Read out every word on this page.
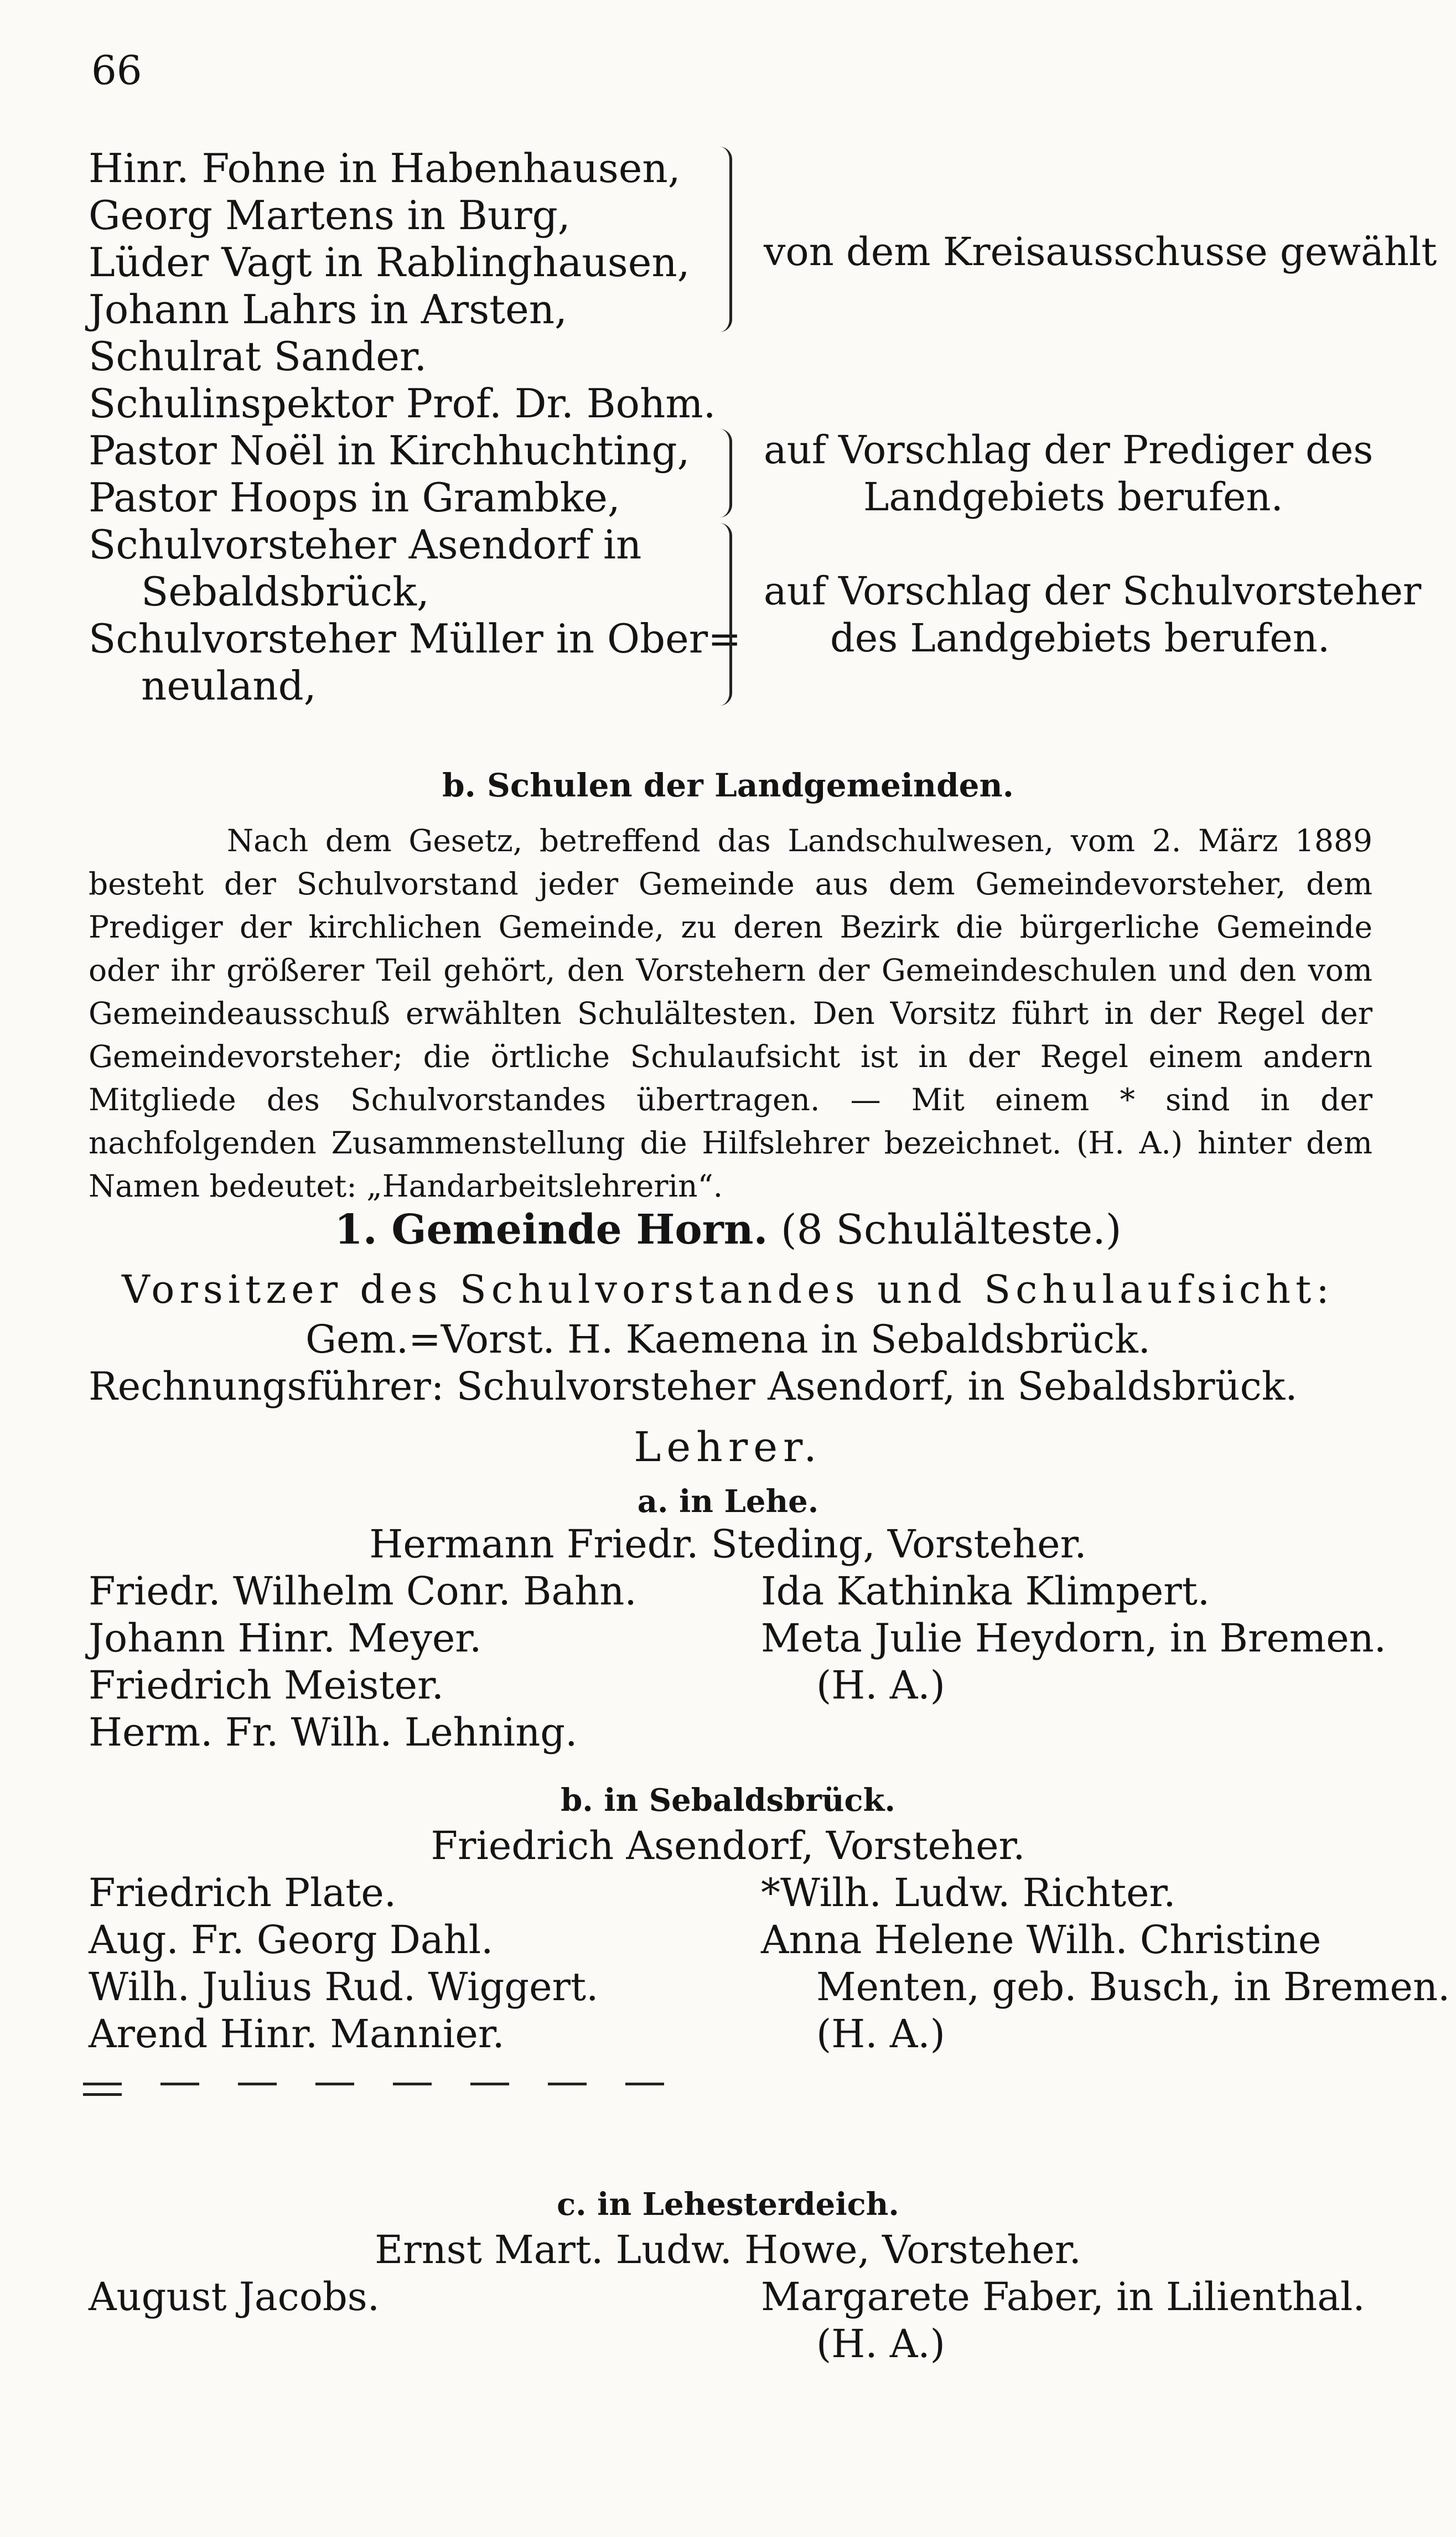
66
Hinr. Fohne in Habenhausen,
Georg Martens in Burg,
Lüder Vagt in Rablinghausen,
Johann Lahrs in Arsten,
von dem Kreisausschusse gewählt
Schulrat Sander.
Schulinspektor Prof. Dr. Bohm.
Pastor Noël in Kirchhuchting,
Pastor Hoops in Grambke,
auf Vorschlag der Prediger des
Landgebiets berufen.
Schulvorsteher Asendorf in
Sebaldsbrück,
Schulvorsteher Müller in Ober=
neuland,
auf Vorschlag der Schulvorsteher
des Landgebiets berufen.
b. Schulen der Landgemeinden.

Nach dem Gesetz, betreffend das Landschulwesen, vom 2. März 1889 besteht der Schulvorstand jeder Gemeinde aus dem Gemeindevorsteher, dem Prediger der kirchlichen Gemeinde, zu deren Bezirk die bürgerliche Gemeinde oder ihr größerer Teil gehört, den Vorstehern der Gemeindeschulen und den vom Gemeindeausschuß erwählten Schulältesten. Den Vorsitz führt in der Regel der Gemeindevorsteher; die örtliche Schulaufsicht ist in der Regel einem andern Mitgliede des Schulvorstandes übertragen. — Mit einem * sind in der nachfolgenden Zusammenstellung die Hilfslehrer bezeichnet. (H. A.) hinter dem Namen bedeutet: „Handarbeitslehrerin“.

1. Gemeinde Horn. (8 Schulälteste.)
Vorsitzer des Schulvorstandes und Schulaufsicht:
Gem.=Vorst. H. Kaemena in Sebaldsbrück.
Rechnungsführer: Schulvorsteher Asendorf, in Sebaldsbrück.
Lehrer.
a. in Lehe.
Hermann Friedr. Steding, Vorsteher.
Friedr. Wilhelm Conr. Bahn.
Johann Hinr. Meyer.
Friedrich Meister.
Herm. Fr. Wilh. Lehning.
Ida Kathinka Klimpert.
Meta Julie Heydorn, in Bremen.
(H. A.)
b. in Sebaldsbrück.
Friedrich Asendorf, Vorsteher.
Friedrich Plate.
Aug. Fr. Georg Dahl.
Wilh. Julius Rud. Wiggert.
Arend Hinr. Mannier.
*Wilh. Ludw. Richter.
Anna Helene Wilh. Christine
Menten, geb. Busch, in Bremen.
(H. A.)
c. in Lehesterdeich.
Ernst Mart. Ludw. Howe, Vorsteher.
August Jacobs.	Margarete Faber, in Lilienthal.
(H. A.)
